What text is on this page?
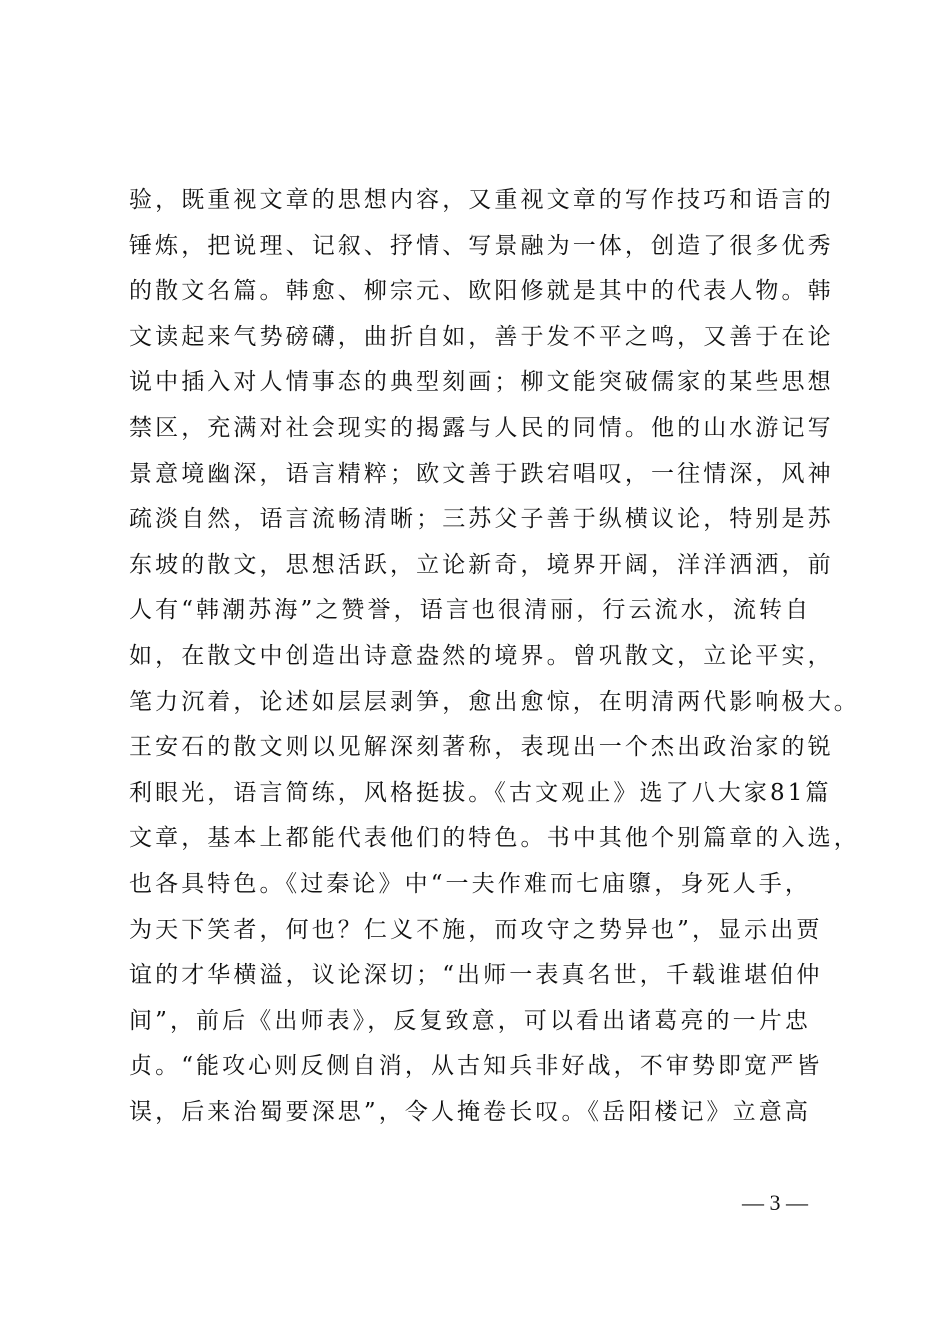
验，既重视文章的思想内容，又重视文章的写作技巧和语言的
锤炼，把说理、记叙、抒情、写景融为一体，创造了很多优秀
的散文名篇。韩愈、柳宗元、欧阳修就是其中的代表人物。韩
文读起来气势磅礴，曲折自如，善于发不平之鸣，又善于在论
说中插入对人情事态的典型刻画；柳文能突破儒家的某些思想
禁区，充满对社会现实的揭露与人民的同情。他的山水游记写
景意境幽深，语言精粹；欧文善于跌宕唱叹，一往情深，风神
疏淡自然，语言流畅清晰；三苏父子善于纵横议论，特别是苏
东坡的散文，思想活跃，立论新奇，境界开阔，洋洋洒洒，前
人有“韩潮苏海”之赞誉，语言也很清丽，行云流水，流转自
如，在散文中创造出诗意盎然的境界。曾巩散文，立论平实，
笔力沉着，论述如层层剥笋，愈出愈惊，在明清两代影响极大。
王安石的散文则以见解深刻著称，表现出一个杰出政治家的锐
利眼光，语言简练，风格挺拔。《古文观止》选了八大家81篇
文章，基本上都能代表他们的特色。书中其他个别篇章的入选，
也各具特色。《过秦论》中“一夫作难而七庙隳，身死人手，
为天下笑者，何也？仁义不施，而攻守之势异也”，显示出贾
谊的才华横溢，议论深切；“出师一表真名世，千载谁堪伯仲
间”，前后《出师表》，反复致意，可以看出诸葛亮的一片忠
贞。“能攻心则反侧自消，从古知兵非好战，不审势即宽严皆
误，后来治蜀要深思”，令人掩卷长叹。《岳阳楼记》立意高
— 3 —
